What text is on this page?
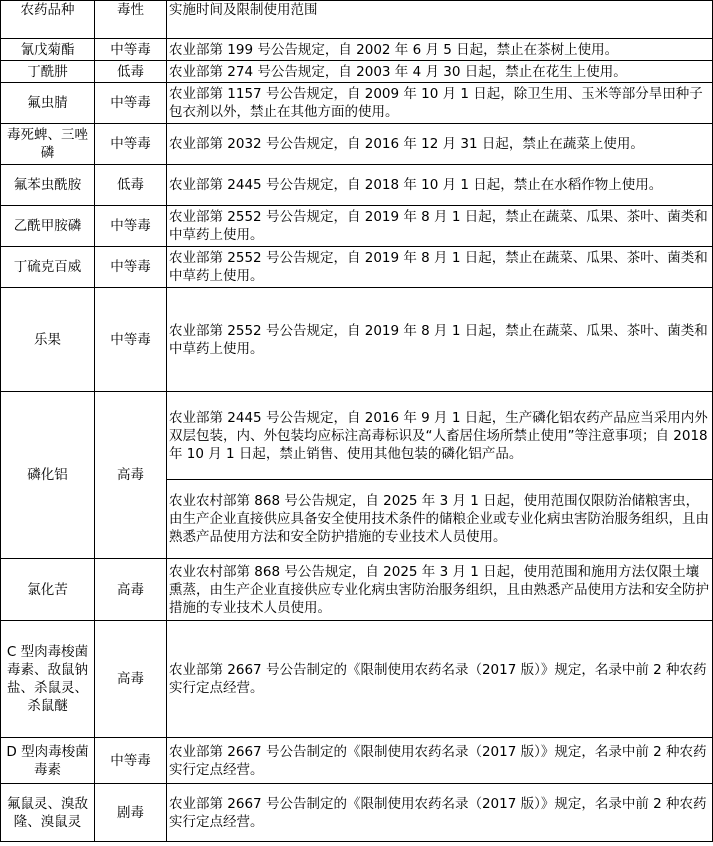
农药品种	毒性	实施时间及限制使用范围
氰戊菊酯	中等毒	农业部第 199 号公告规定，自 2002 年 6 月 5 日起，禁止在茶树上使用。
丁酰肼	低毒	农业部第 274 号公告规定，自 2003 年 4 月 30 日起，禁止在花生上使用。
氟虫腈	中等毒	农业部第 1157 号公告规定，自 2009 年 10 月 1 日起，除卫生用、玉米等部分旱田种子包衣剂以外，禁止在其他方面的使用。
毒死蜱、三唑磷	中等毒	农业部第 2032 号公告规定，自 2016 年 12 月 31 日起，禁止在蔬菜上使用。
氟苯虫酰胺	低毒	农业部第 2445 号公告规定，自 2018 年 10 月 1 日起，禁止在水稻作物上使用。
乙酰甲胺磷	中等毒	农业部第 2552 号公告规定，自 2019 年 8 月 1 日起，禁止在蔬菜、瓜果、茶叶、菌类和中草药上使用。
丁硫克百威	中等毒	农业部第 2552 号公告规定，自 2019 年 8 月 1 日起，禁止在蔬菜、瓜果、茶叶、菌类和中草药上使用。
乐果	中等毒	农业部第 2552 号公告规定，自 2019 年 8 月 1 日起，禁止在蔬菜、瓜果、茶叶、菌类和中草药上使用。
磷化铝	高毒	农业部第 2445 号公告规定，自 2016 年 9 月 1 日起，生产磷化铝农药产品应当采用内外双层包装，内、外包装均应标注高毒标识及“人畜居住场所禁止使用”等注意事项；自 2018 年 10 月 1 日起，禁止销售、使用其他包装的磷化铝产品。
		农业农村部第 868 号公告规定，自 2025 年 3 月 1 日起，使用范围仅限防治储粮害虫，由生产企业直接供应具备安全使用技术条件的储粮企业或专业化病虫害防治服务组织，且由熟悉产品使用方法和安全防护措施的专业技术人员使用。
氯化苦	高毒	农业农村部第 868 号公告规定，自 2025 年 3 月 1 日起，使用范围和施用方法仅限土壤熏蒸，由生产企业直接供应专业化病虫害防治服务组织，且由熟悉产品使用方法和安全防护措施的专业技术人员使用。
C 型肉毒梭菌毒素、敌鼠钠盐、杀鼠灵、杀鼠醚	高毒	农业部第 2667 号公告制定的《限制使用农药名录（2017 版）》规定，名录中前 2 种农药实行定点经营。
D 型肉毒梭菌毒素	中等毒	农业部第 2667 号公告制定的《限制使用农药名录（2017 版）》规定，名录中前 2 种农药实行定点经营。
氟鼠灵、溴敌隆、溴鼠灵	剧毒	农业部第 2667 号公告制定的《限制使用农药名录（2017 版）》规定，名录中前 2 种农药实行定点经营。
